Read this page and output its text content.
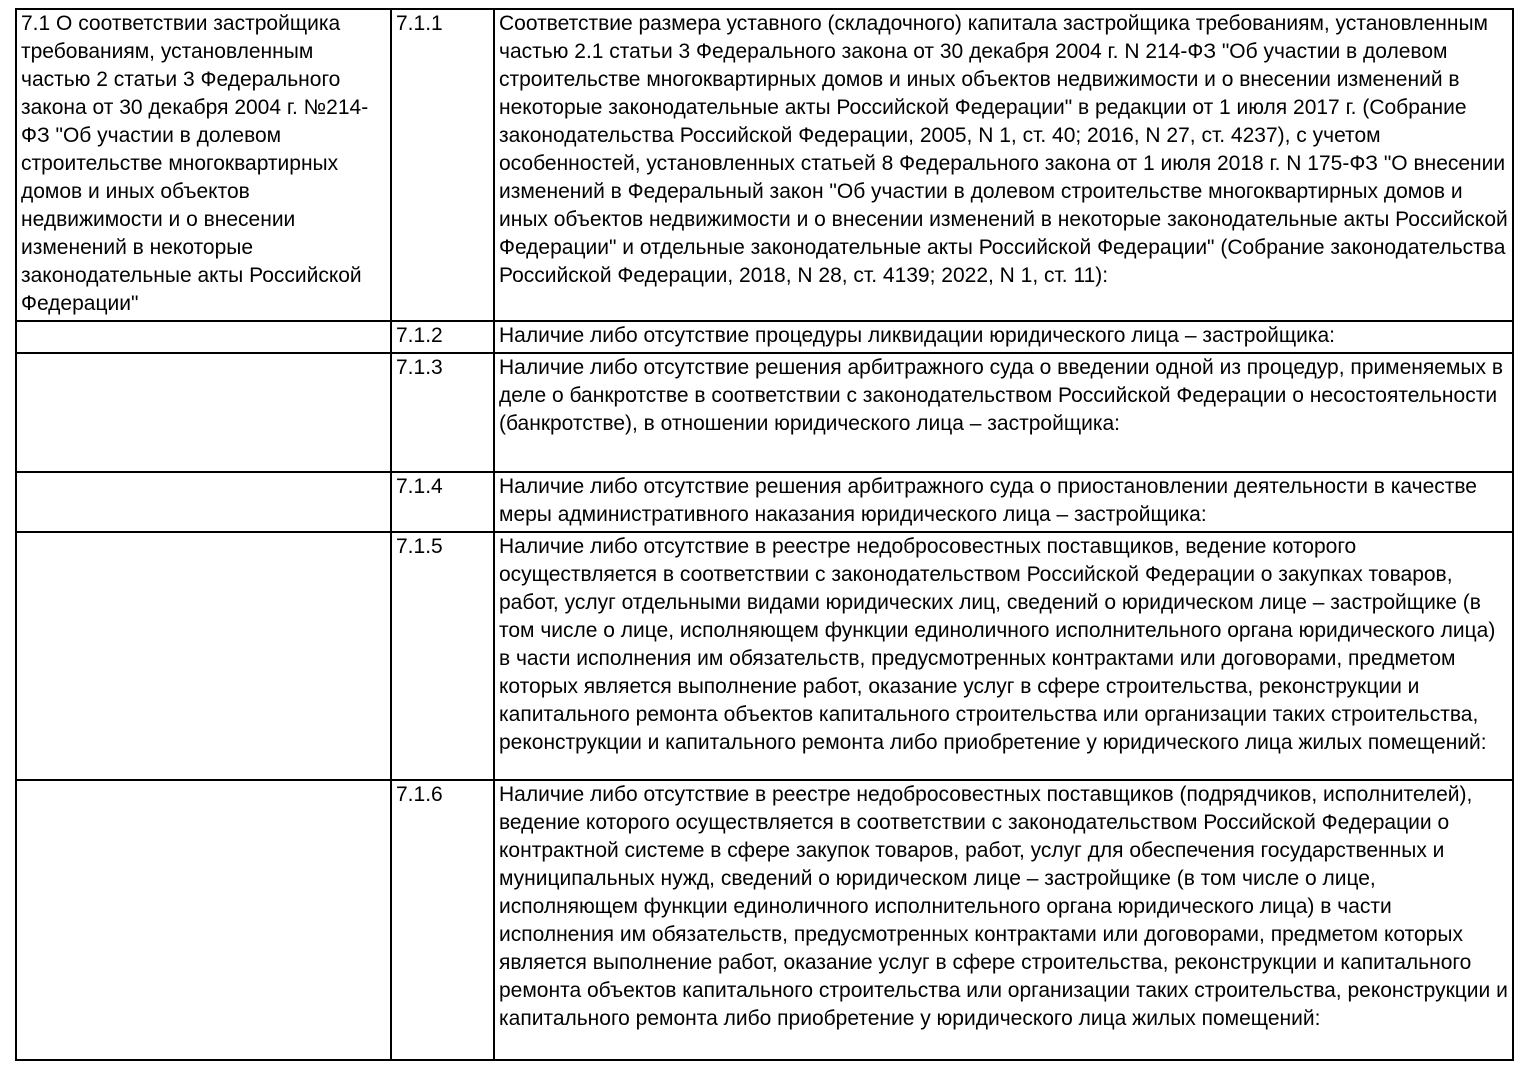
7.1 О соответствии застройщика требованиям, установленным частью 2 статьи 3 Федерального закона от 30 декабря 2004 г. №214-ФЗ "Об участии в долевом строительстве многоквартирных домов и иных объектов недвижимости и о внесении изменений в некоторые законодательные акты Российской Федерации"	7.1.1	Соответствие размера уставного (складочного) капитала застройщика требованиям, установленным частью 2.1 статьи 3 Федерального закона от 30 декабря 2004 г. N 214-ФЗ "Об участии в долевом строительстве многоквартирных домов и иных объектов недвижимости и о внесении изменений в некоторые законодательные акты Российской Федерации" в редакции от 1 июля 2017 г. (Собрание законодательства Российской Федерации, 2005, N 1, ст. 40; 2016, N 27, ст. 4237), с учетом особенностей, установленных статьей 8 Федерального закона от 1 июля 2018 г. N 175-ФЗ "О внесении изменений в Федеральный закон "Об участии в долевом строительстве многоквартирных домов и иных объектов недвижимости и о внесении изменений в некоторые законодательные акты Российской Федерации" и отдельные законодательные акты Российской Федерации" (Собрание законодательства Российской Федерации, 2018, N 28, ст. 4139; 2022, N 1, ст. 11):
	7.1.2	Наличие либо отсутствие процедуры ликвидации юридического лица – застройщика:
	7.1.3	Наличие либо отсутствие решения арбитражного суда о введении одной из процедур, применяемых в деле о банкротстве в соответствии с законодательством Российской Федерации о несостоятельности (банкротстве), в отношении юридического лица – застройщика:
	7.1.4	Наличие либо отсутствие решения арбитражного суда о приостановлении деятельности в качестве меры административного наказания юридического лица – застройщика:
	7.1.5	Наличие либо отсутствие в реестре недобросовестных поставщиков, ведение которого осуществляется в соответствии с законодательством Российской Федерации о закупках товаров, работ, услуг отдельными видами юридических лиц, сведений о юридическом лице – застройщике (в том числе о лице, исполняющем функции единоличного исполнительного органа юридического лица) в части исполнения им обязательств, предусмотренных контрактами или договорами, предметом которых является выполнение работ, оказание услуг в сфере строительства, реконструкции и капитального ремонта объектов капитального строительства или организации таких строительства, реконструкции и капитального ремонта либо приобретение у юридического лица жилых помещений:
	7.1.6	Наличие либо отсутствие в реестре недобросовестных поставщиков (подрядчиков, исполнителей), ведение которого осуществляется в соответствии с законодательством Российской Федерации о контрактной системе в сфере закупок товаров, работ, услуг для обеспечения государственных и муниципальных нужд, сведений о юридическом лице – застройщике (в том числе о лице, исполняющем функции единоличного исполнительного органа юридического лица) в части исполнения им обязательств, предусмотренных контрактами или договорами, предметом которых является выполнение работ, оказание услуг в сфере строительства, реконструкции и капитального ремонта объектов капитального строительства или организации таких строительства, реконструкции и капитального ремонта либо приобретение у юридического лица жилых помещений:
